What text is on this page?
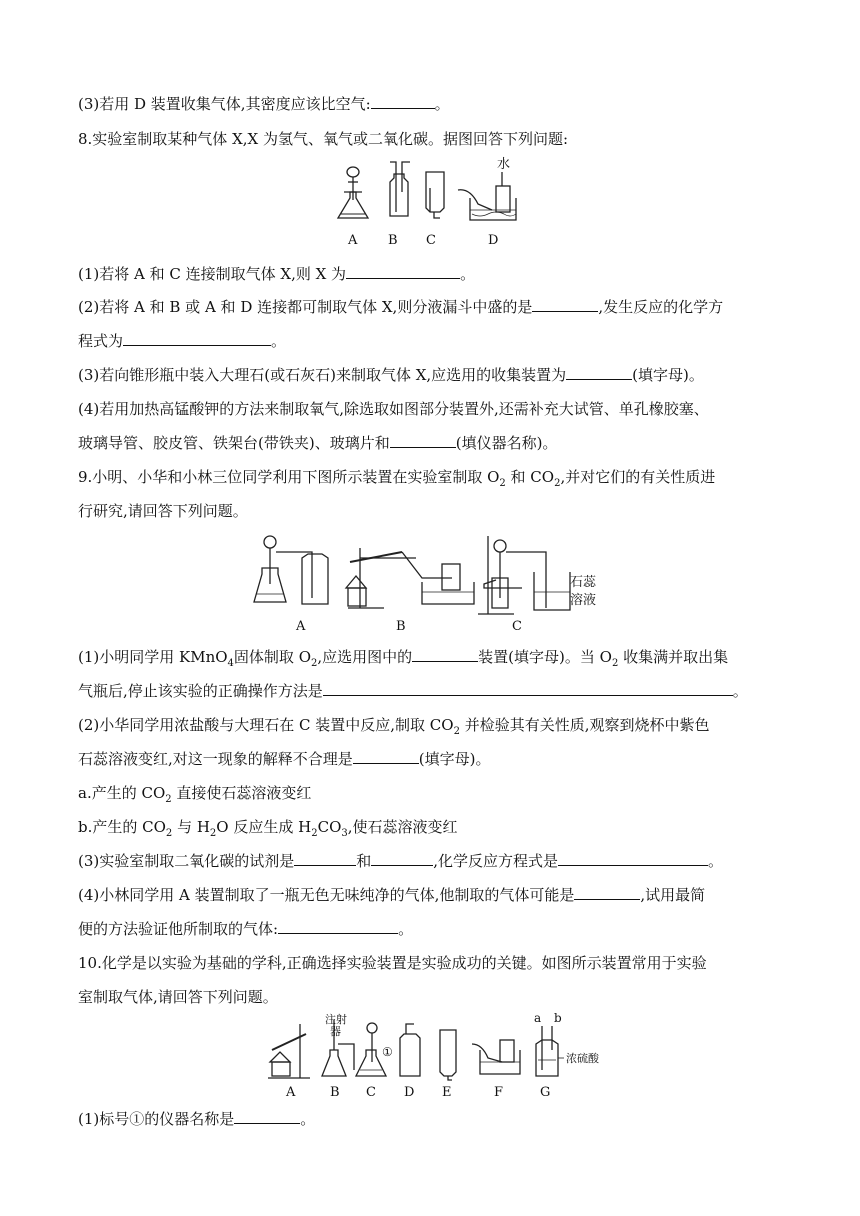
(3)若用 D 装置收集气体,其密度应该比空气:	。
8.实验室制取某种气体 X,X 为氢气、氧气或二氧化碳。据图回答下列问题:
水
A B C	D
(1)若将 A 和 C 连接制取气体 X,则 X 为	。
(2)若将 A 和 B 或 A 和 D 连接都可制取气体 X,则分液漏斗中盛的是	,发生反应的化学方
程式为	。
(3)若向锥形瓶中装入大理石(或石灰石)来制取气体 X,应选用的收集装置为	(填字母)。
(4)若用加热高锰酸钾的方法来制取氧气,除选取如图部分装置外,还需补充大试管、单孔橡胶塞、
玻璃导管、胶皮管、铁架台(带铁夹)、玻璃片和	(填仪器名称)。
9.小明、小华和小林三位同学利用下图所示装置在实验室制取 $O_2$ 和 $CO_2$,并对它们的有关性质进
行研究,请回答下列问题。
石蕊
溶液
A	B	C
(1)小明同学用 KMnO$_4$固体制取 $O_2$,应选用图中的	装置(填字母)。当 $O_2$ 收集满并取出集
气瓶后,停止该实验的正确操作方法是	。
(2)小华同学用浓盐酸与大理石在 C 装置中反应,制取 $CO_2$ 并检验其有关性质,观察到烧杯中紫色
石蕊溶液变红,对这一现象的解释不合理是	(填字母)。
a.产生的 $CO_2$ 直接使石蕊溶液变红
b.产生的 $CO_2$ 与 $H_2O$ 反应生成 $H_2CO_3$,使石蕊溶液变红
(3)实验室制取二氧化碳的试剂是	和	,化学反应方程式是	。
(4)小林同学用 A 装置制取了一瓶无色无味纯净的气体,他制取的气体可能是	,试用最简
便的方法验证他所制取的气体:	。
10.化学是以实验为基础的学科,正确选择实验装置是实验成功的关键。如图所示装置常用于实验
室制取气体,请回答下列问题。
注射
器
①
a b
浓硫酸
A	B C D E	F	G
(1)标号①的仪器名称是	。
